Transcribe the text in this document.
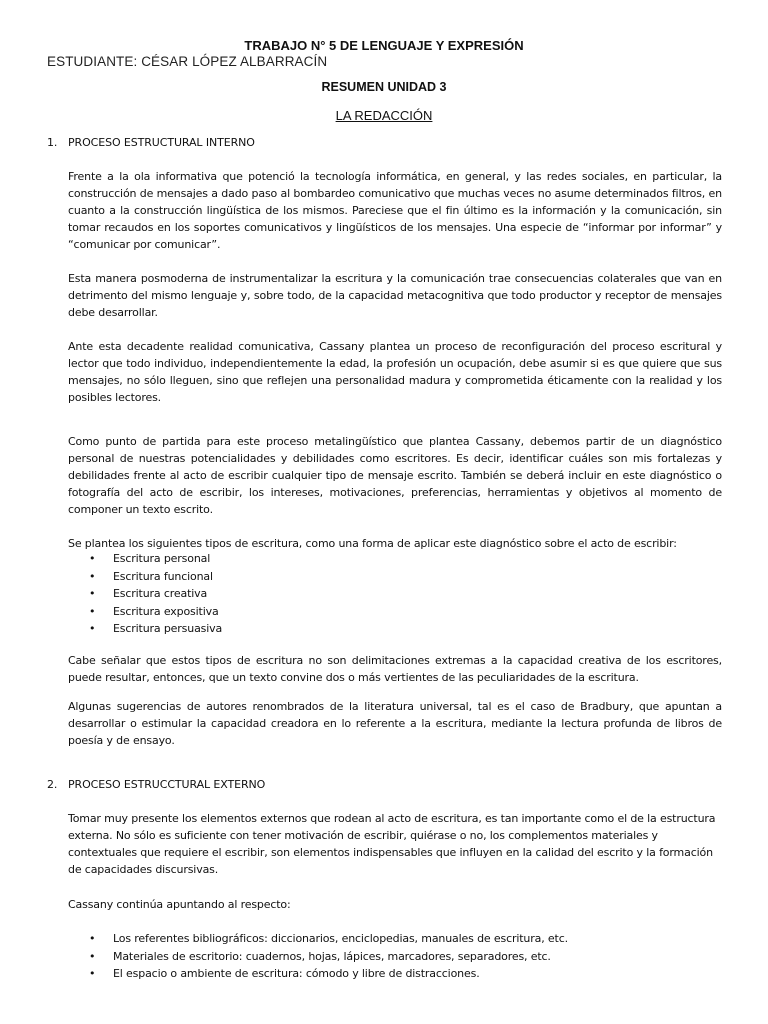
TRABAJO N° 5 DE LENGUAJE Y EXPRESIÓN
ESTUDIANTE: CÉSAR LÓPEZ ALBARRACÍN
RESUMEN UNIDAD 3
LA REDACCIÓN
1. PROCESO ESTRUCTURAL INTERNO
Frente a la ola informativa que potenció la tecnología informática, en general, y las redes sociales, en particular, la construcción de mensajes a dado paso al bombardeo comunicativo que muchas veces no asume determinados filtros, en cuanto a la construcción lingüística de los mismos. Pareciese que el fin último es la información y la comunicación, sin tomar recaudos en los soportes comunicativos y lingüísticos de los mensajes. Una especie de “informar por informar” y “comunicar por comunicar”.
Esta manera posmoderna de instrumentalizar la escritura y la comunicación trae consecuencias colaterales que van en detrimento del mismo lenguaje y, sobre todo, de la capacidad metacognitiva que todo productor y receptor de mensajes debe desarrollar.
Ante esta decadente realidad comunicativa, Cassany plantea un proceso de reconfiguración del proceso escritural y lector que todo individuo, independientemente la edad, la profesión un ocupación, debe asumir si es que quiere que sus mensajes, no sólo lleguen, sino que reflejen una personalidad madura y comprometida éticamente con la realidad y los posibles lectores.
Como punto de partida para este proceso metalingüístico que plantea Cassany, debemos partir de un diagnóstico personal de nuestras potencialidades y debilidades como escritores. Es decir, identificar cuáles son mis fortalezas y debilidades frente al acto de escribir cualquier tipo de mensaje escrito. También se deberá incluir en este diagnóstico o fotografía del acto de escribir, los intereses, motivaciones, preferencias, herramientas y objetivos al momento de componer un texto escrito.
Se plantea los siguientes tipos de escritura, como una forma de aplicar este diagnóstico sobre el acto de escribir:
• Escritura personal
• Escritura funcional
• Escritura creativa
• Escritura expositiva
• Escritura persuasiva
Cabe señalar que estos tipos de escritura no son delimitaciones extremas a la capacidad creativa de los escritores, puede resultar, entonces, que un texto convine dos o más vertientes de las peculiaridades de la escritura.
Algunas sugerencias de autores renombrados de la literatura universal, tal es el caso de Bradbury, que apuntan a desarrollar o estimular la capacidad creadora en lo referente a la escritura, mediante la lectura profunda de libros de poesía y de ensayo.
2. PROCESO ESTRUCCTURAL EXTERNO
Tomar muy presente los elementos externos que rodean al acto de escritura, es tan importante como el de la estructura externa. No sólo es suficiente con tener motivación de escribir, quiérase o no, los complementos materiales y contextuales que requiere el escribir, son elementos indispensables que influyen en la calidad del escrito y la formación de capacidades discursivas.
Cassany continúa apuntando al respecto:
• Los referentes bibliográficos: diccionarios, enciclopedias, manuales de escritura, etc.
• Materiales de escritorio: cuadernos, hojas, lápices, marcadores, separadores, etc.
• El espacio o ambiente de escritura: cómodo y libre de distracciones.
